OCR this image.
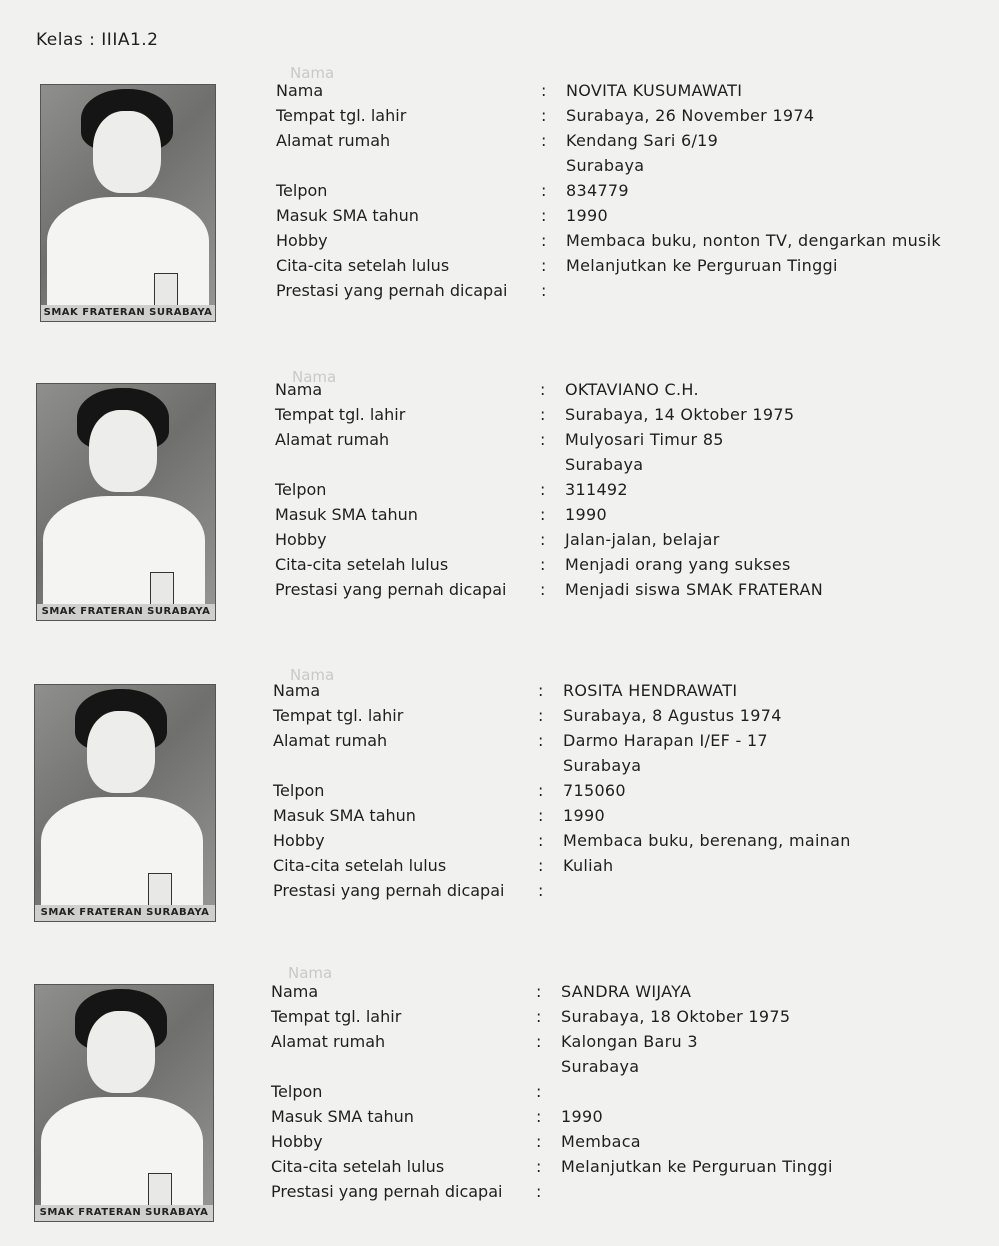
Nama
Nama
Nama
Nama
Kelas : IIIA1.2
SMAK FRATERAN SURABAYA
Nama	: NOVITA KUSUMAWATI
Tempat tgl. lahir	: Surabaya, 26 November 1974
Alamat rumah	: Kendang Sari 6/19
Surabaya
Telpon	: 834779
Masuk SMA tahun	: 1990
Hobby	: Membaca buku, nonton TV, dengarkan musik
Cita-cita setelah lulus	: Melanjutkan ke Perguruan Tinggi
Prestasi yang pernah dicapai :
SMAK FRATERAN SURABAYA
Nama	: OKTAVIANO C.H.
Tempat tgl. lahir	: Surabaya, 14 Oktober 1975
Alamat rumah	: Mulyosari Timur 85
Surabaya
Telpon	: 311492
Masuk SMA tahun	: 1990
Hobby	: Jalan-jalan, belajar
Cita-cita setelah lulus	: Menjadi orang yang sukses
Prestasi yang pernah dicapai : Menjadi siswa SMAK FRATERAN
SMAK FRATERAN SURABAYA
Nama	: ROSITA HENDRAWATI
Tempat tgl. lahir	: Surabaya, 8 Agustus 1974
Alamat rumah	: Darmo Harapan I/EF - 17
Surabaya
Telpon	: 715060
Masuk SMA tahun	: 1990
Hobby	: Membaca buku, berenang, mainan
Cita-cita setelah lulus	: Kuliah
Prestasi yang pernah dicapai :
SMAK FRATERAN SURABAYA
Nama	: SANDRA WIJAYA
Tempat tgl. lahir	: Surabaya, 18 Oktober 1975
Alamat rumah	: Kalongan Baru 3
Surabaya
Telpon	:
Masuk SMA tahun	: 1990
Hobby	: Membaca
Cita-cita setelah lulus	: Melanjutkan ke Perguruan Tinggi
Prestasi yang pernah dicapai :
